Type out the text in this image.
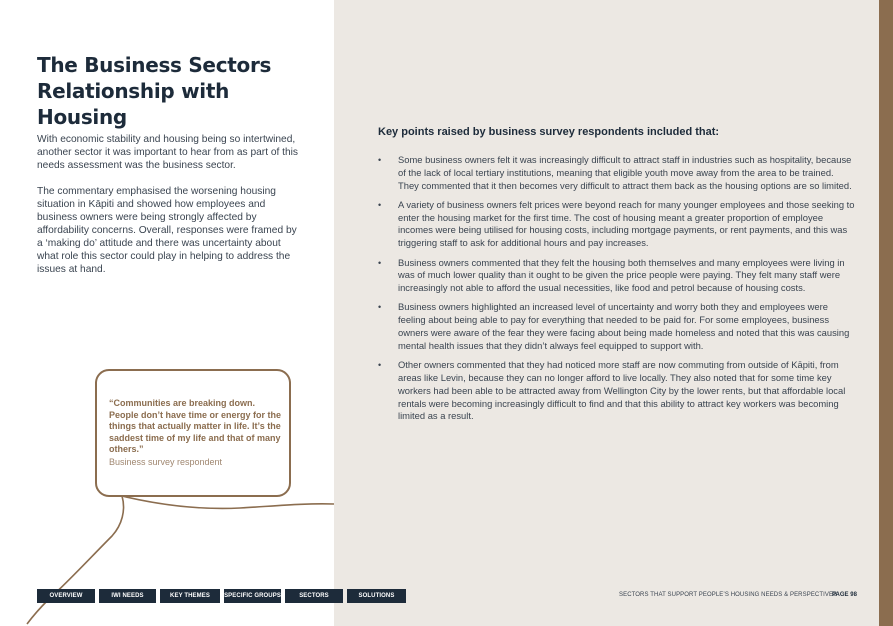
The Business Sectors
Relationship with Housing

With economic stability and housing being so intertwined, another sector it was important to hear from as part of this needs assessment was the business sector.

The commentary emphasised the worsening housing situation in Kāpiti and showed how employees and business owners were being strongly affected by affordability concerns. Overall, responses were framed by a ‘making do’ attitude and there was uncertainty about what role this sector could play in helping to address the issues at hand.

“Communities are breaking down. People don’t have time or energy for the things that actually matter in life. It’s the saddest time of my life and that of many others.”
Business survey respondent
Key points raised by business survey respondents included that:
• Some business owners felt it was increasingly difficult to attract staff in industries such as hospitality, because of the lack of local tertiary institutions, meaning that eligible youth move away from the area to be trained. They commented that it then becomes very difficult to attract them back as the housing options are so limited.
• A variety of business owners felt prices were beyond reach for many younger employees and those seeking to enter the housing market for the first time. The cost of housing meant a greater proportion of employee incomes were being utilised for housing costs, including mortgage payments, or rent payments, and this was triggering staff to ask for additional hours and pay increases.
• Business owners commented that they felt the housing both themselves and many employees were living in was of much lower quality than it ought to be given the price people were paying. They felt many staff were increasingly not able to afford the usual necessities, like food and petrol because of housing costs.
• Business owners highlighted an increased level of uncertainty and worry both they and employees were feeling about being able to pay for everything that needed to be paid for. For some employees, business owners were aware of the fear they were facing about being made homeless and noted that this was causing mental health issues that they didn’t always feel equipped to support with.
• Other owners commented that they had noticed more staff are now commuting from outside of Kāpiti, from areas like Levin, because they can no longer afford to live locally. They also noted that for some time key workers had been able to be attracted away from Wellington City by the lower rents, but that affordable local rentals were becoming increasingly difficult to find and that this ability to attract key workers was becoming limited as a result.
OVERVIEW	IWI NEEDS	KEY THEMES	SPECIFIC GROUPS	SECTORS	SOLUTIONS	SECTORS THAT SUPPORT PEOPLE’S HOUSING NEEDS & PERSPECTIVES
PAGE 98
